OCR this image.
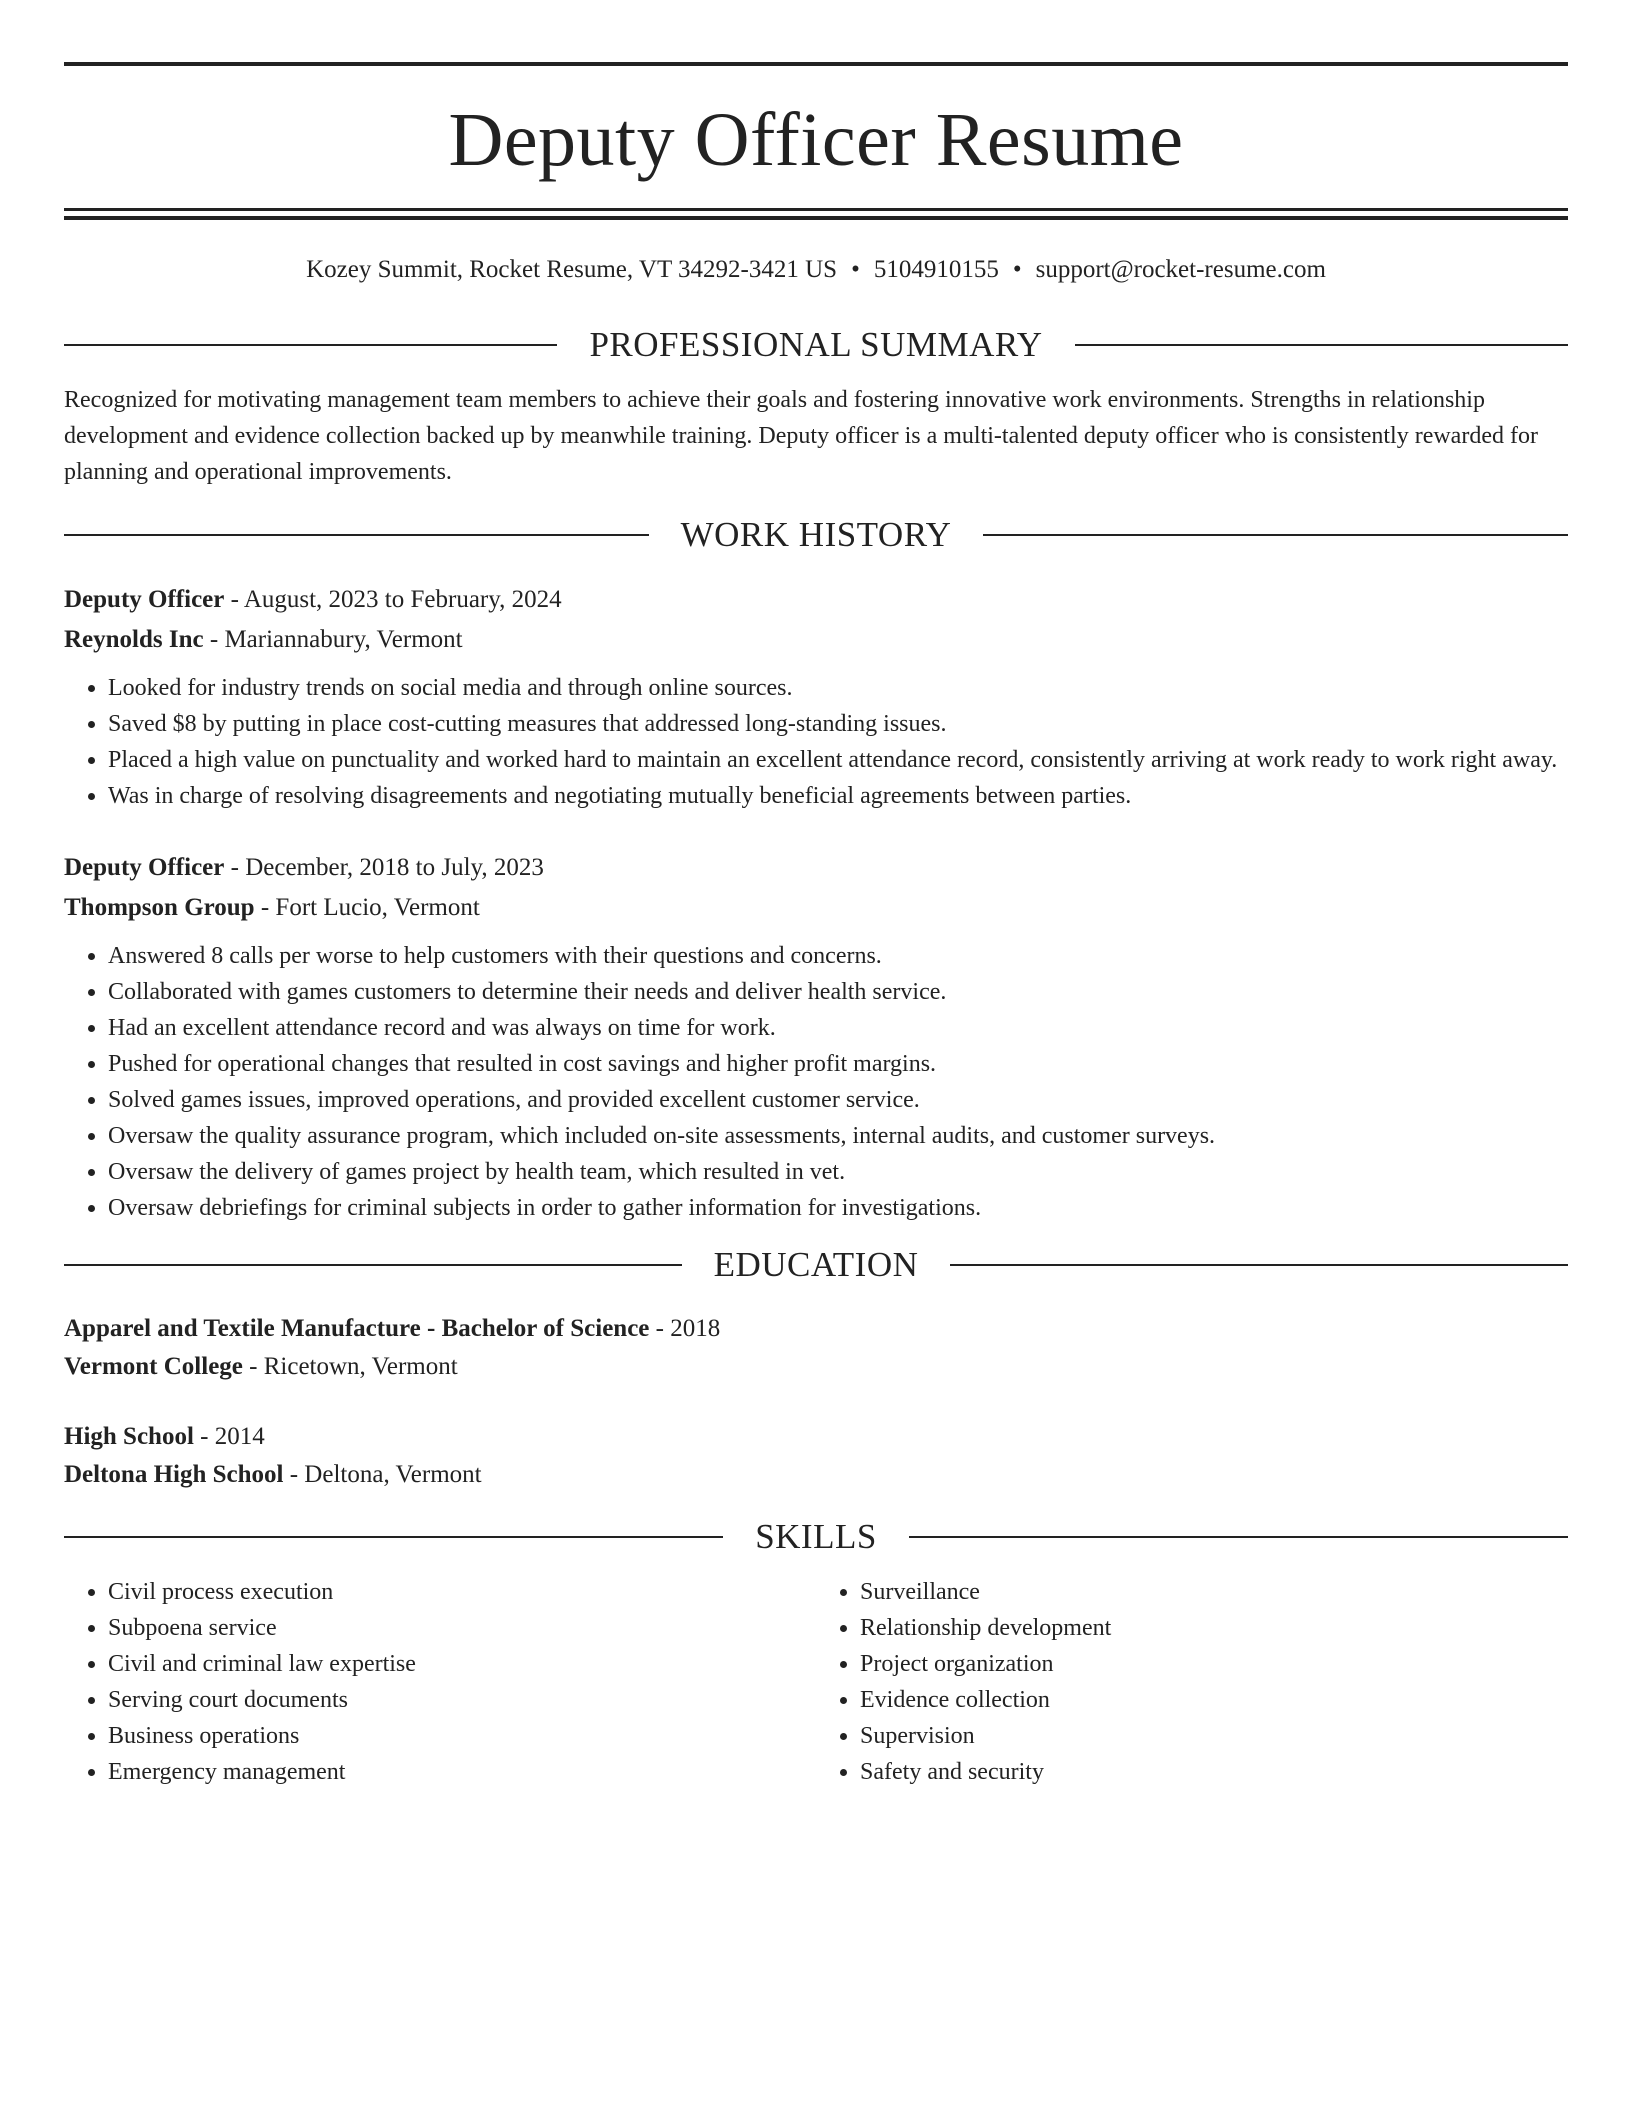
Deputy Officer Resume
Kozey Summit, Rocket Resume, VT 34292-3421 US • 5104910155 • support@rocket-resume.com
PROFESSIONAL SUMMARY
Recognized for motivating management team members to achieve their goals and fostering innovative work environments. Strengths in relationship development and evidence collection backed up by meanwhile training. Deputy officer is a multi-talented deputy officer who is consistently rewarded for planning and operational improvements.
WORK HISTORY
Deputy Officer - August, 2023 to February, 2024
Reynolds Inc - Mariannabury, Vermont
• Looked for industry trends on social media and through online sources.
• Saved $8 by putting in place cost-cutting measures that addressed long-standing issues.
• Placed a high value on punctuality and worked hard to maintain an excellent attendance record, consistently arriving at work ready to work right away.
• Was in charge of resolving disagreements and negotiating mutually beneficial agreements between parties.
Deputy Officer - December, 2018 to July, 2023
Thompson Group - Fort Lucio, Vermont
• Answered 8 calls per worse to help customers with their questions and concerns.
• Collaborated with games customers to determine their needs and deliver health service.
• Had an excellent attendance record and was always on time for work.
• Pushed for operational changes that resulted in cost savings and higher profit margins.
• Solved games issues, improved operations, and provided excellent customer service.
• Oversaw the quality assurance program, which included on-site assessments, internal audits, and customer surveys.
• Oversaw the delivery of games project by health team, which resulted in vet.
• Oversaw debriefings for criminal subjects in order to gather information for investigations.
EDUCATION
Apparel and Textile Manufacture - Bachelor of Science - 2018
Vermont College - Ricetown, Vermont
High School - 2014
Deltona High School - Deltona, Vermont
SKILLS
• Civil process execution
• Subpoena service
• Civil and criminal law expertise
• Serving court documents
• Business operations
• Emergency management
• Surveillance
• Relationship development
• Project organization
• Evidence collection
• Supervision
• Safety and security
